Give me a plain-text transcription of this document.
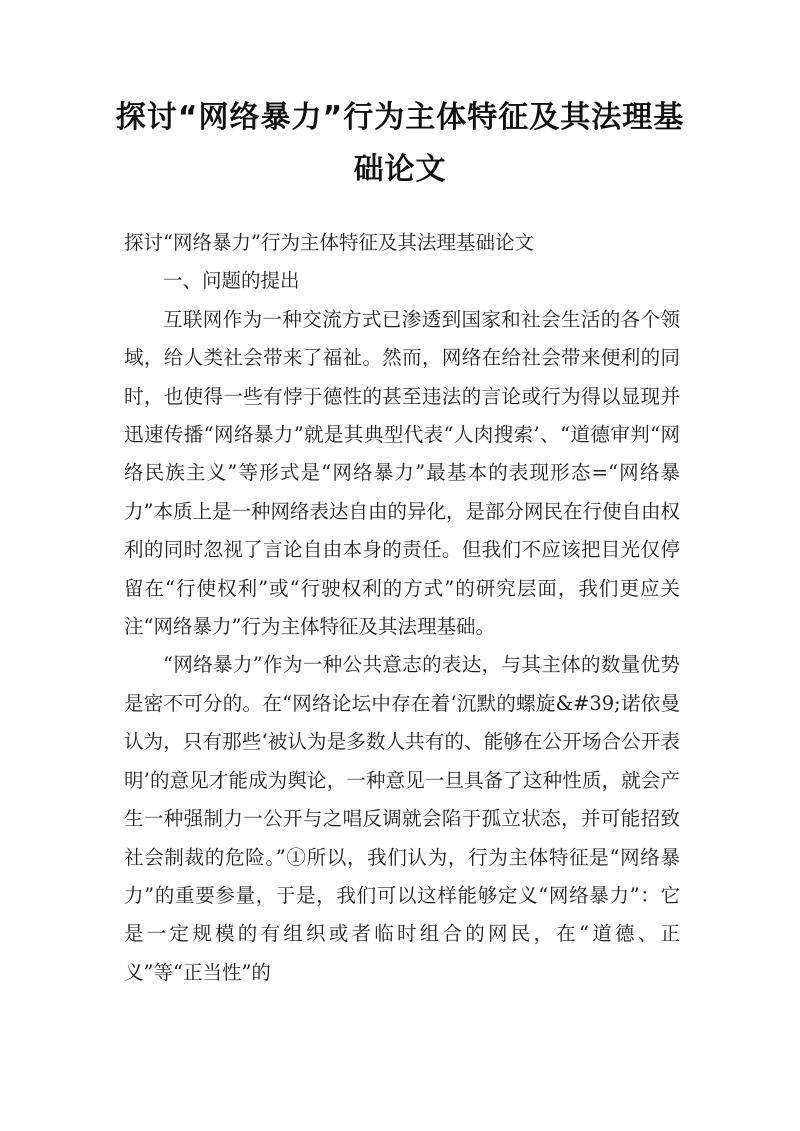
探讨“网络暴力”行为主体特征及其法理基础论文

探讨“网络暴力”行为主体特征及其法理基础论文

一、问题的提出

互联网作为一种交流方式已渗透到国家和社会生活的各个领域，给人类社会带来了福祉。然而，网络在给社会带来便利的同时，也使得一些有悖于德性的甚至违法的言论或行为得以显现并迅速传播“网络暴力”就是其典型代表“人肉搜索’、“道德审判“网络民族主义”等形式是“网络暴力”最基本的表现形态=“网络暴力”本质上是一种网络表达自由的异化，是部分网民在行使自由权利的同时忽视了言论自由本身的责任。但我们不应该把目光仅停留在“行使权利”或“行驶权利的方式”的研究层面，我们更应关注“网络暴力”行为主体特征及其法理基础。

“网络暴力”作为一种公共意志的表达，与其主体的数量优势是密不可分的。在“网络论坛中存在着‘沉默的螺旋&#39;诺依曼认为，只有那些‘被认为是多数人共有的、能够在公开场合公开表明’的意见才能成为舆论，一种意见一旦具备了这种性质，就会产生一种强制力一公开与之唱反调就会陷于孤立状态，并可能招致社会制裁的危险。”①所以，我们认为，行为主体特征是“网络暴力”的重要参量，于是，我们可以这样能够定义“网络暴力”：它是一定规模的有组织或者临时组合的网民，在“道德、正义”等“正当性”的
